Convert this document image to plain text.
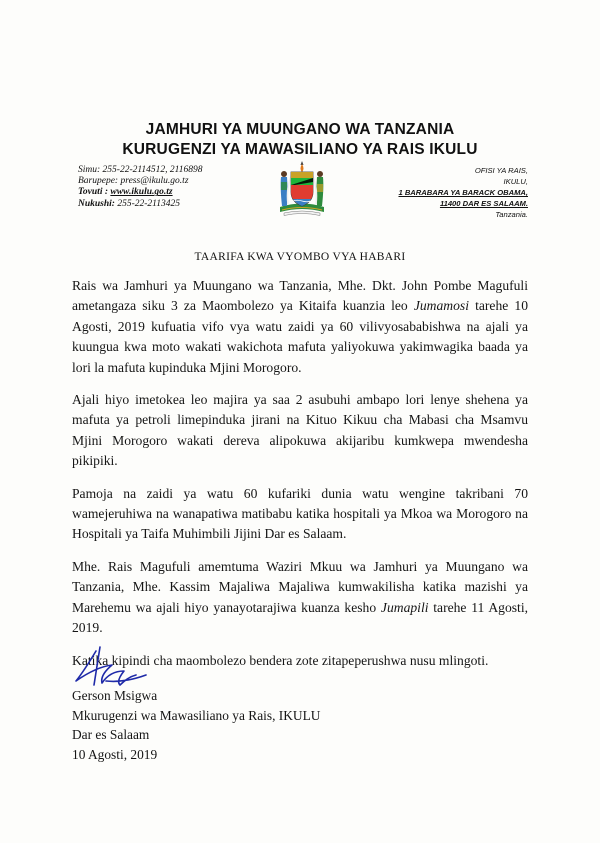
JAMHURI YA MUUNGANO WA TANZANIA
KURUGENZI YA MAWASILIANO YA RAIS IKULU
Simu: 255-22-2114512, 2116898
Barupepe: press@ikulu.go.tz
Tovuti : www.ikulu.go.tz
Nukushi: 255-22-2113425
OFISI YA RAIS,
IKULU,
1 BARABARA YA BARACK OBAMA,
11400 DAR ES SALAAM.
Tanzania.
TAARIFA KWA VYOMBO VYA HABARI

Rais wa Jamhuri ya Muungano wa Tanzania, Mhe. Dkt. John Pombe Magufuli ametangaza siku 3 za Maombolezo ya Kitaifa kuanzia leo Jumamosi tarehe 10 Agosti, 2019 kufuatia vifo vya watu zaidi ya 60 vilivyosababishwa na ajali ya kuungua kwa moto wakati wakichota mafuta yaliyokuwa yakimwagika baada ya lori la mafuta kupinduka Mjini Morogoro.

Ajali hiyo imetokea leo majira ya saa 2 asubuhi ambapo lori lenye shehena ya mafuta ya petroli limepinduka jirani na Kituo Kikuu cha Mabasi cha Msamvu Mjini Morogoro wakati dereva alipokuwa akijaribu kumkwepa mwendesha pikipiki.

Pamoja na zaidi ya watu 60 kufariki dunia watu wengine takribani 70 wamejeruhiwa na wanapatiwa matibabu katika hospitali ya Mkoa wa Morogoro na Hospitali ya Taifa Muhimbili Jijini Dar es Salaam.

Mhe. Rais Magufuli amemtuma Waziri Mkuu wa Jamhuri ya Muungano wa Tanzania, Mhe. Kassim Majaliwa Majaliwa kumwakilisha katika mazishi ya Marehemu wa ajali hiyo yanayotarajiwa kuanza kesho Jumapili tarehe 11 Agosti, 2019.

Katika kipindi cha maombolezo bendera zote zitapeperushwa nusu mlingoti.

Gerson Msigwa
Mkurugenzi wa Mawasiliano ya Rais, IKULU
Dar es Salaam
10 Agosti, 2019
